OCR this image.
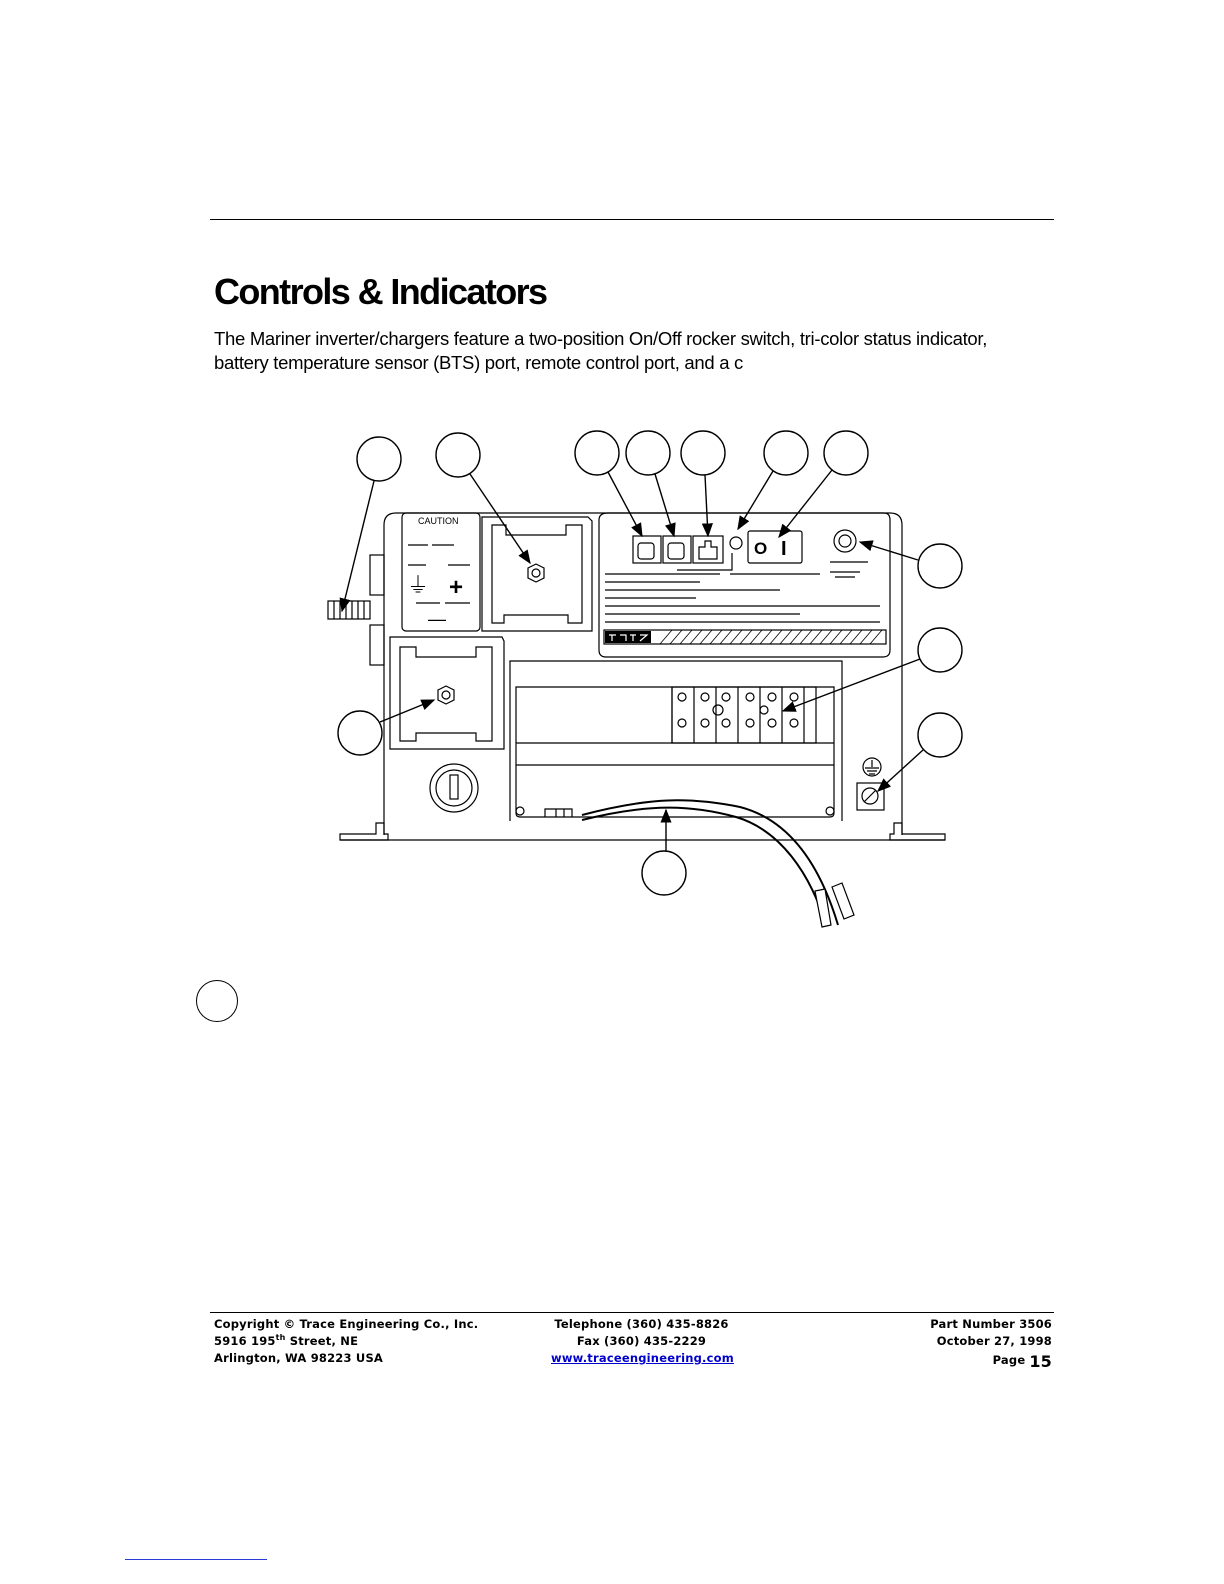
Controls & Indicators

The Mariner inverter/chargers feature a two-position On/Off rocker switch, tri-color status indicator,
battery temperature sensor (BTS) port, remote control port, and a c

CAUTION
⏚ +
—
O I
Copyright © Trace Engineering Co., Inc.
5916 195th Street, NE
Arlington, WA 98223 USA
Telephone (360) 435-8826
Fax (360) 435-2229
www.traceengineering.com
Part Number 3506
October 27, 1998
Page 15
